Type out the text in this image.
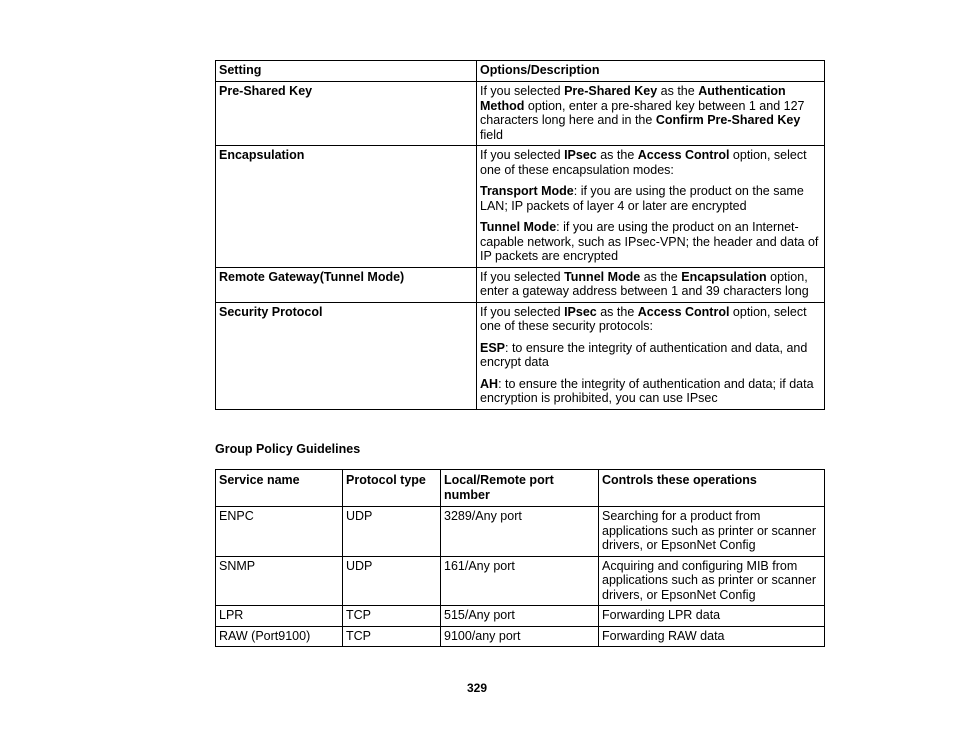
Setting	Options/Description
Pre-Shared Key	If you selected Pre-Shared Key as the Authentication Method option, enter a pre-shared key between 1 and 127 characters long here and in the Confirm Pre-Shared Key field

Encapsulation	If you selected IPsec as the Access Control option, select one of these encapsulation modes:

Transport Mode: if you are using the product on the same LAN; IP packets of layer 4 or later are encrypted

Tunnel Mode: if you are using the product on an Internet-capable network, such as IPsec-VPN; the header and data of IP packets are encrypted

Remote Gateway(Tunnel Mode)	If you selected Tunnel Mode as the Encapsulation option, enter a gateway address between 1 and 39 characters long

Security Protocol	If you selected IPsec as the Access Control option, select one of these security protocols:

ESP: to ensure the integrity of authentication and data, and encrypt data

AH: to ensure the integrity of authentication and data; if data encryption is prohibited, you can use IPsec

Group Policy Guidelines
Service name	Protocol type	Local/Remote port number	Controls these operations
ENPC	UDP	3289/Any port	Searching for a product from applications such as printer or scanner drivers, or EpsonNet Config
SNMP	UDP	161/Any port	Acquiring and configuring MIB from applications such as printer or scanner drivers, or EpsonNet Config
LPR	TCP	515/Any port	Forwarding LPR data
RAW (Port9100)	TCP	9100/any port	Forwarding RAW data
329
